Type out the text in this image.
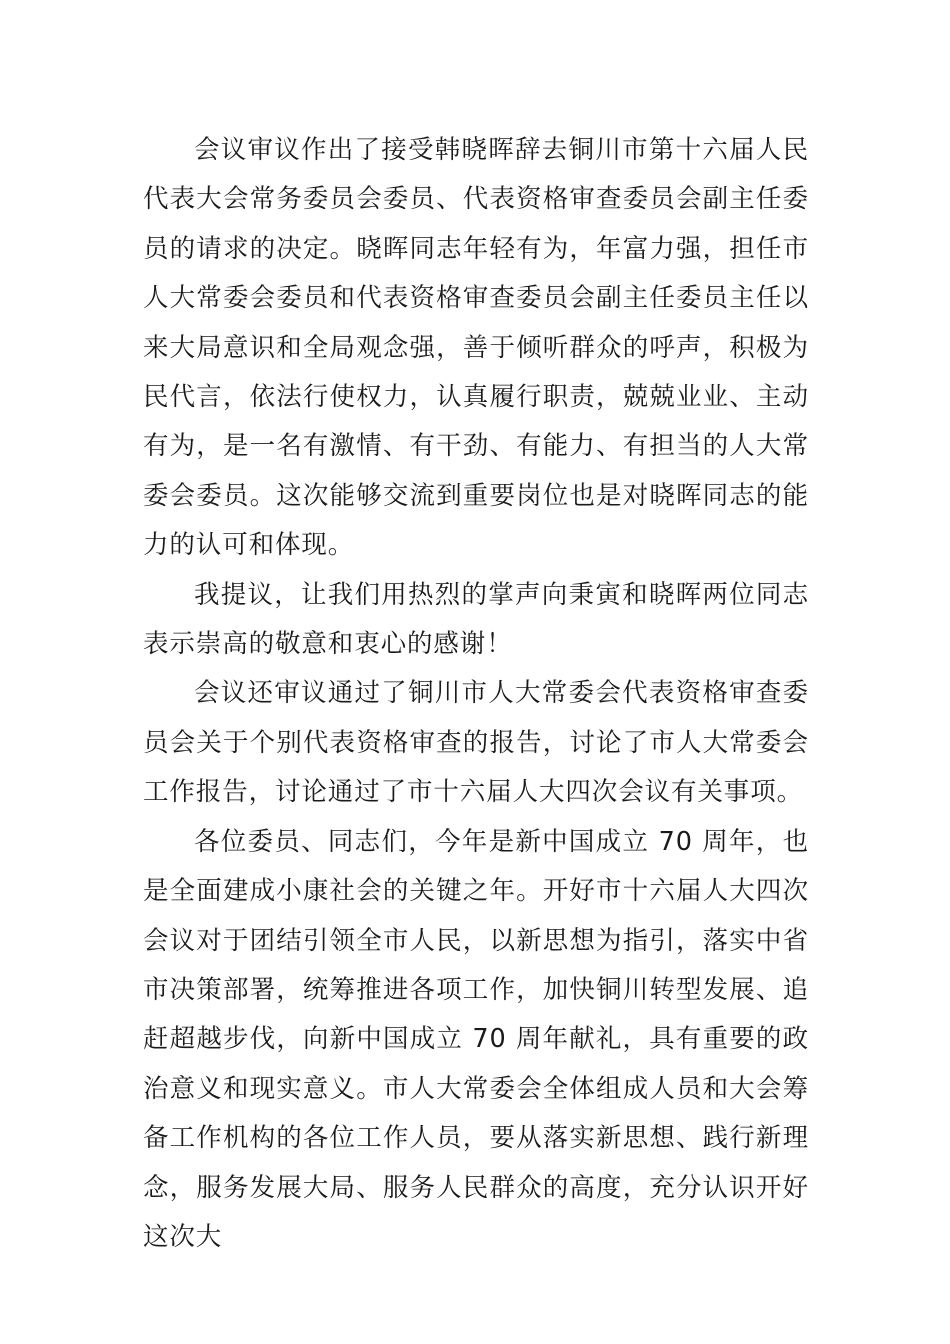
会议审议作出了接受韩晓晖辞去铜川市第十六届人民代表大会常务委员会委员、代表资格审查委员会副主任委员的请求的决定。晓晖同志年轻有为，年富力强，担任市人大常委会委员和代表资格审查委员会副主任委员主任以来大局意识和全局观念强，善于倾听群众的呼声，积极为民代言，依法行使权力，认真履行职责，兢兢业业、主动有为，是一名有激情、有干劲、有能力、有担当的人大常委会委员。这次能够交流到重要岗位也是对晓晖同志的能力的认可和体现。

我提议，让我们用热烈的掌声向秉寅和晓晖两位同志表示崇高的敬意和衷心的感谢！

会议还审议通过了铜川市人大常委会代表资格审查委员会关于个别代表资格审查的报告，讨论了市人大常委会工作报告，讨论通过了市十六届人大四次会议有关事项。

各位委员、同志们，今年是新中国成立 70 周年，也是全面建成小康社会的关键之年。开好市十六届人大四次会议对于团结引领全市人民，以新思想为指引，落实中省市决策部署，统筹推进各项工作，加快铜川转型发展、追赶超越步伐，向新中国成立 70 周年献礼，具有重要的政治意义和现实意义。市人大常委会全体组成人员和大会筹备工作机构的各位工作人员，要从落实新思想、践行新理念，服务发展大局、服务人民群众的高度，充分认识开好这次大
